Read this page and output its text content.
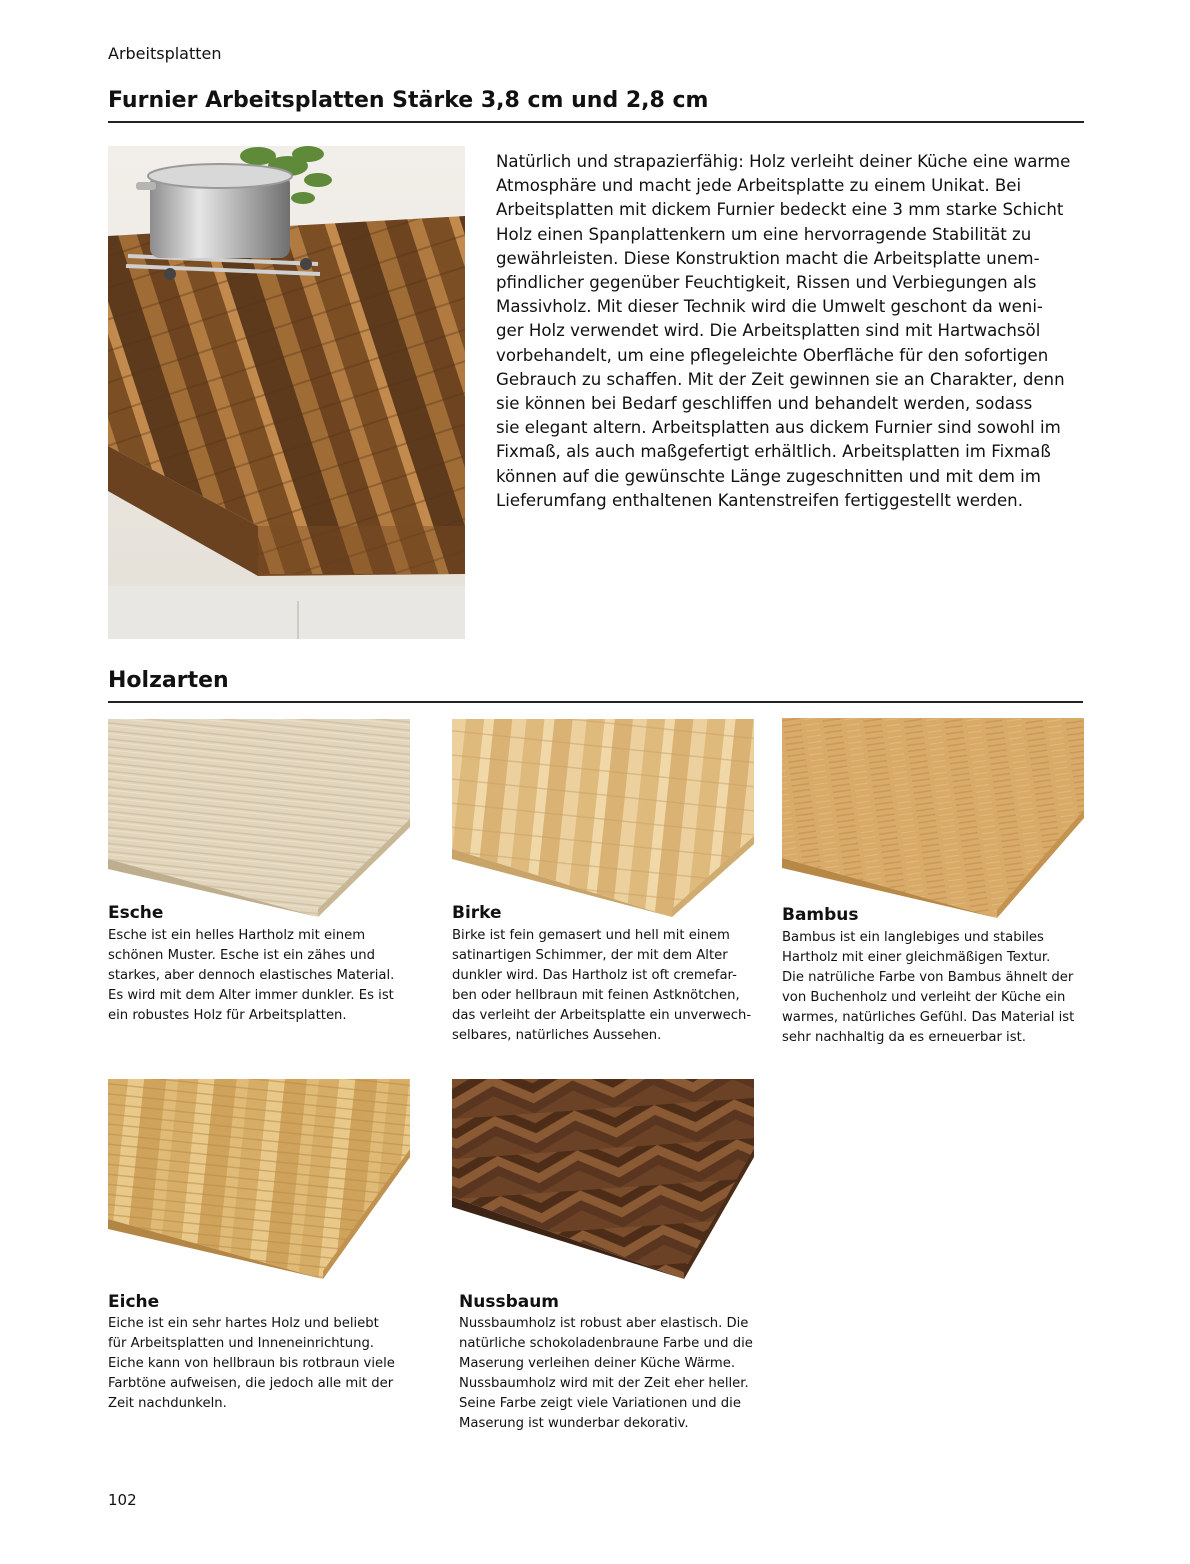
Arbeitsplatten
Furnier Arbeitsplatten Stärke 3,8 cm und 2,8 cm
Natürlich und strapazierfähig: Holz verleiht deiner Küche eine warme
Atmosphäre und macht jede Arbeitsplatte zu einem Unikat. Bei
Arbeitsplatten mit dickem Furnier bedeckt eine 3 mm starke Schicht
Holz einen Spanplattenkern um eine hervorragende Stabilität zu
gewährleisten. Diese Konstruktion macht die Arbeitsplatte unem-
pfindlicher gegenüber Feuchtigkeit, Rissen und Verbiegungen als
Massivholz. Mit dieser Technik wird die Umwelt geschont da weni-
ger Holz verwendet wird. Die Arbeitsplatten sind mit Hartwachsöl
vorbehandelt, um eine pflegeleichte Oberfläche für den sofortigen
Gebrauch zu schaffen. Mit der Zeit gewinnen sie an Charakter, denn
sie können bei Bedarf geschliffen und behandelt werden, sodass
sie elegant altern. Arbeitsplatten aus dickem Furnier sind sowohl im
Fixmaß, als auch maßgefertigt erhältlich. Arbeitsplatten im Fixmaß
können auf die gewünschte Länge zugeschnitten und mit dem im
Lieferumfang enthaltenen Kantenstreifen fertiggestellt werden.
Holzarten
Esche
Esche ist ein helles Hartholz mit einem
schönen Muster. Esche ist ein zähes und
starkes, aber dennoch elastisches Material.
Es wird mit dem Alter immer dunkler. Es ist
ein robustes Holz für Arbeitsplatten.
Birke
Birke ist fein gemasert und hell mit einem
satinartigen Schimmer, der mit dem Alter
dunkler wird. Das Hartholz ist oft cremefar-
ben oder hellbraun mit feinen Astknötchen,
das verleiht der Arbeitsplatte ein unverwech-
selbares, natürliches Aussehen.
Bambus
Bambus ist ein langlebiges und stabiles
Hartholz mit einer gleichmäßigen Textur.
Die natrüliche Farbe von Bambus ähnelt der
von Buchenholz und verleiht der Küche ein
warmes, natürliches Gefühl. Das Material ist
sehr nachhaltig da es erneuerbar ist.
Eiche
Eiche ist ein sehr hartes Holz und beliebt
für Arbeitsplatten und Inneneinrichtung.
Eiche kann von hellbraun bis rotbraun viele
Farbtöne aufweisen, die jedoch alle mit der
Zeit nachdunkeln.
Nussbaum
Nussbaumholz ist robust aber elastisch. Die
natürliche schokoladenbraune Farbe und die
Maserung verleihen deiner Küche Wärme.
Nussbaumholz wird mit der Zeit eher heller.
Seine Farbe zeigt viele Variationen und die
Maserung ist wunderbar dekorativ.
102
